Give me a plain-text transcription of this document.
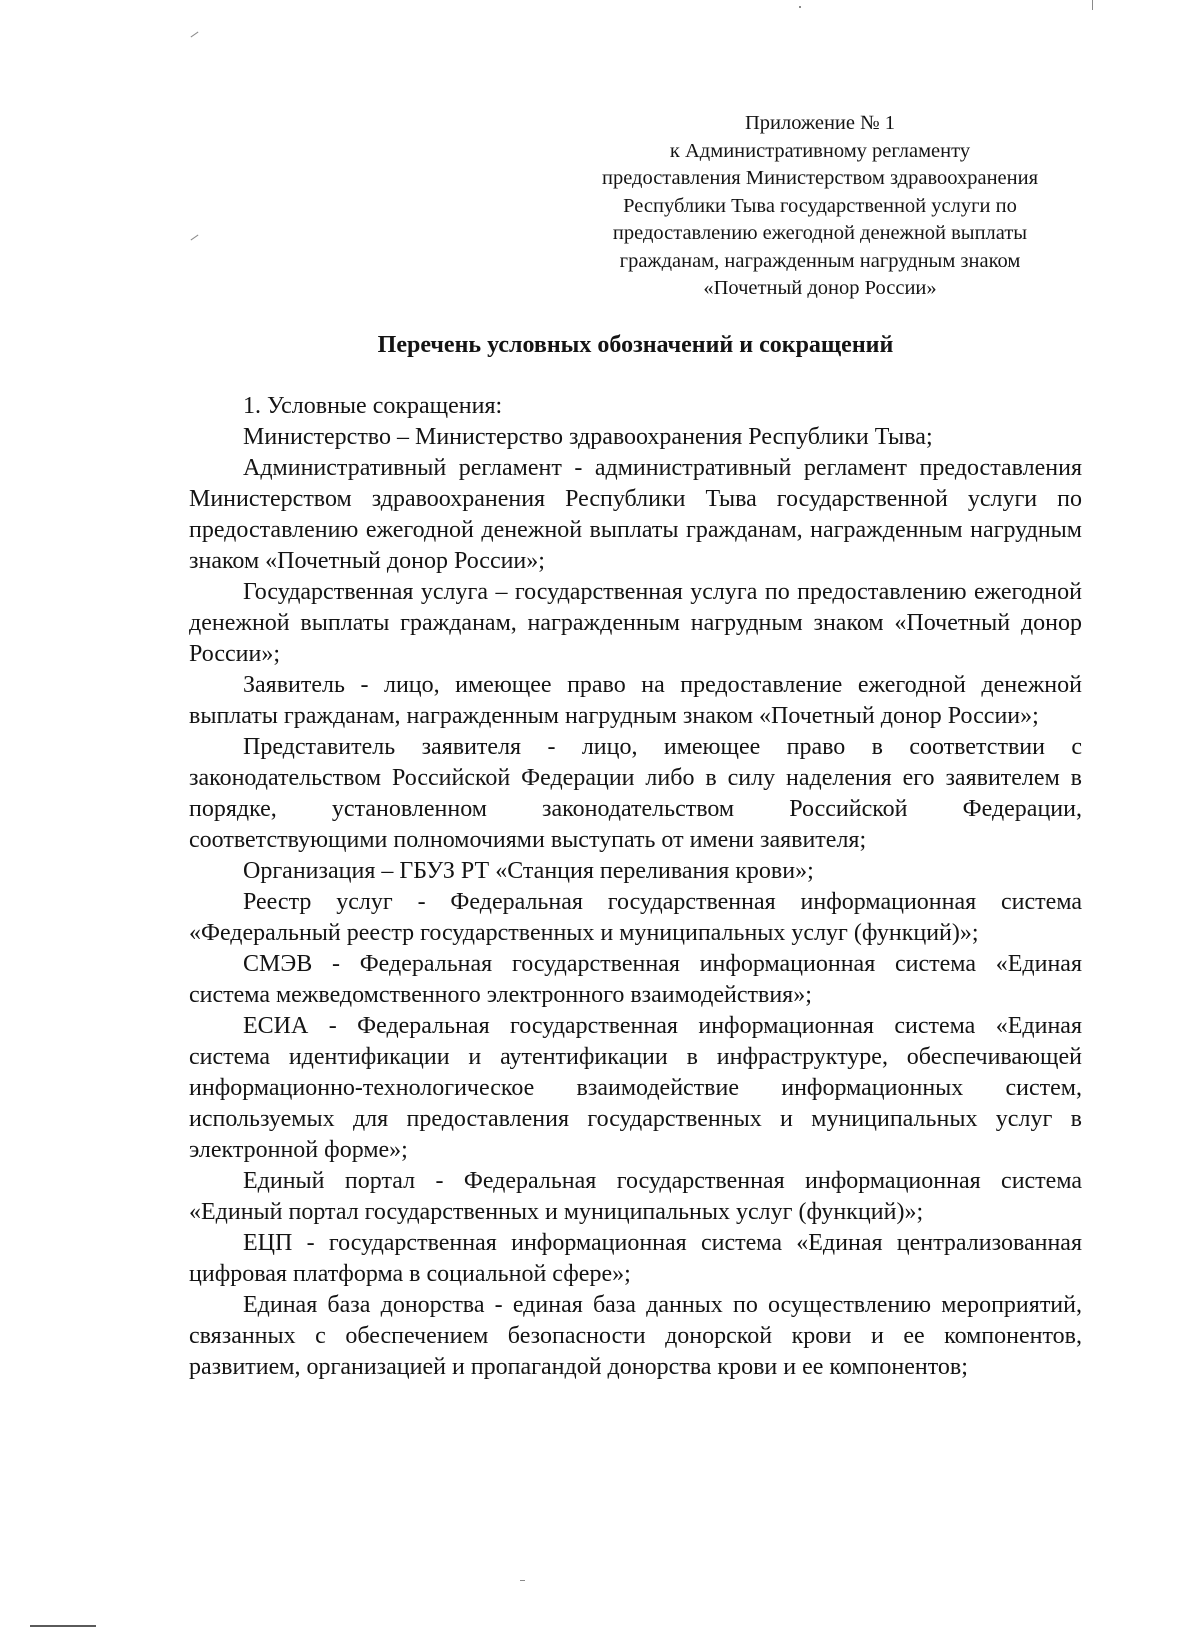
Приложение № 1
к Административному регламенту
предоставления Министерством здравоохранения
Республики Тыва государственной услуги по
предоставлению ежегодной денежной выплаты
гражданам, награжденным нагрудным знаком
«Почетный донор России»
Перечень условных обозначений и сокращений

1. Условные сокращения:

Министерство – Министерство здравоохранения Республики Тыва;

Административный регламент - административный регламент предоставления Министерством здравоохранения Республики Тыва государственной услуги по предоставлению ежегодной денежной выплаты гражданам, награжденным нагрудным знаком «Почетный донор России»;

Государственная услуга – государственная услуга по предоставлению ежегодной денежной выплаты гражданам, награжденным нагрудным знаком «Почетный донор России»;

Заявитель - лицо, имеющее право на предоставление ежегодной денежной выплаты гражданам, награжденным нагрудным знаком «Почетный донор России»;

Представитель заявителя - лицо, имеющее право в соответствии с законодательством Российской Федерации либо в силу наделения его заявителем в порядке, установленном законодательством Российской Федерации, соответствующими полномочиями выступать от имени заявителя;

Организация – ГБУЗ РТ «Станция переливания крови»;

Реестр услуг - Федеральная государственная информационная система «Федеральный реестр государственных и муниципальных услуг (функций)»;

СМЭВ - Федеральная государственная информационная система «Единая система межведомственного электронного взаимодействия»;

ЕСИА - Федеральная государственная информационная система «Единая система идентификации и аутентификации в инфраструктуре, обеспечивающей информационно-технологическое взаимодействие информационных систем, используемых для предоставления государственных и муниципальных услуг в электронной форме»;

Единый портал - Федеральная государственная информационная система «Единый портал государственных и муниципальных услуг (функций)»;

ЕЦП - государственная информационная система «Единая централизованная цифровая платформа в социальной сфере»;

Единая база донорства - единая база данных по осуществлению мероприятий, связанных с обеспечением безопасности донорской крови и ее компонентов, развитием, организацией и пропагандой донорства крови и ее компонентов;
